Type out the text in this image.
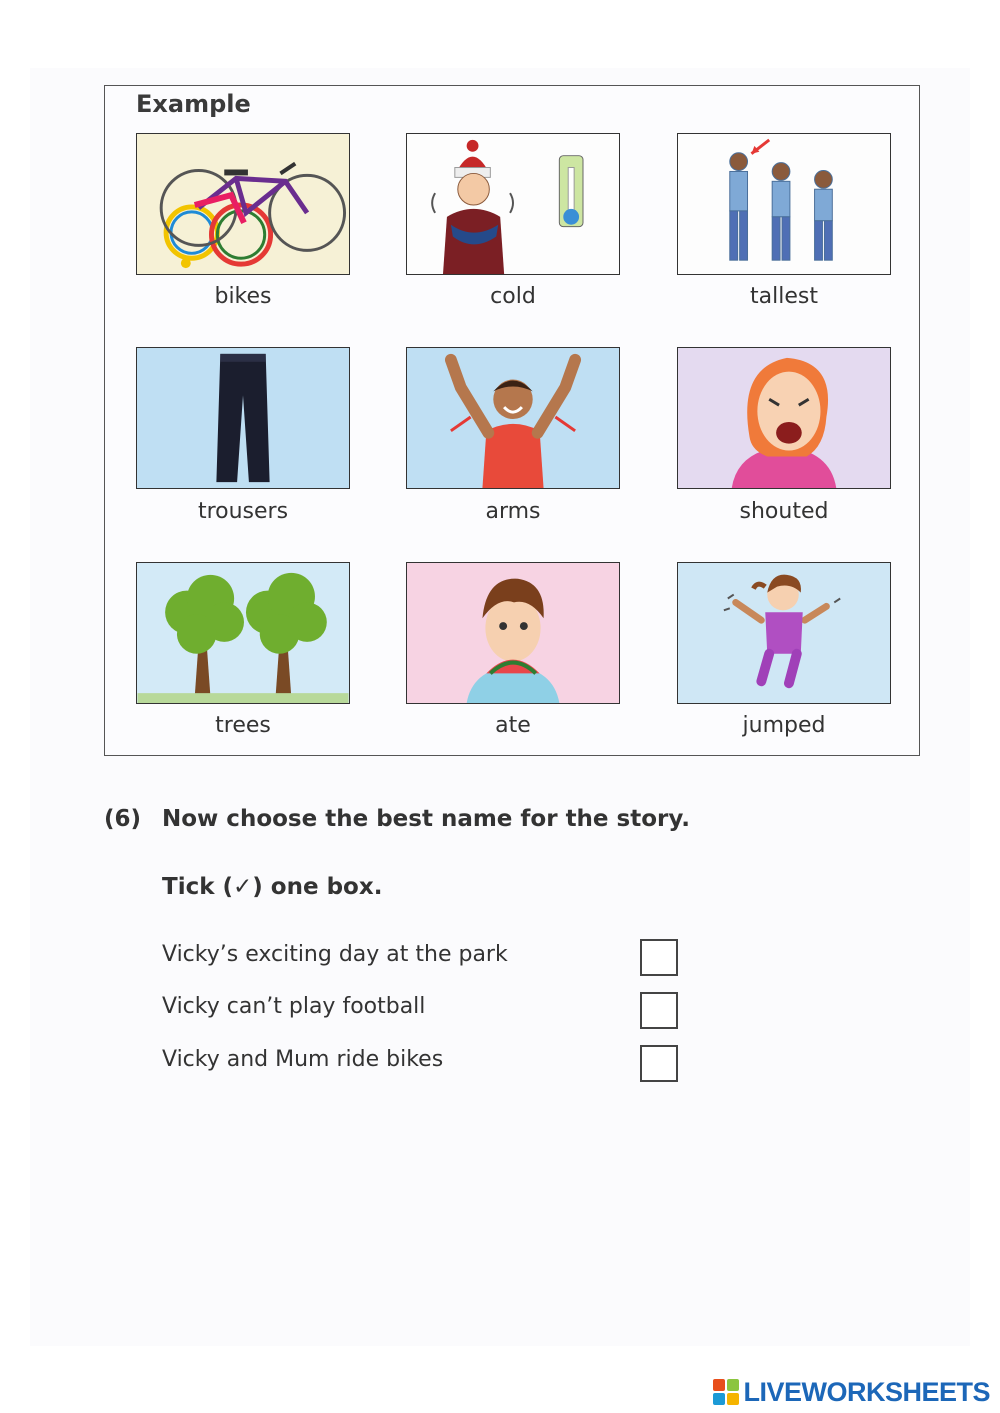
Example
bikes	cold	tallest
trousers	arms	shouted
trees	ate	jumped
(6) Now choose the best name for the story.
Tick (✓) one box.
Vicky’s exciting day at the park
Vicky can’t play football
Vicky and Mum ride bikes
LIVEWORKSHEETS
